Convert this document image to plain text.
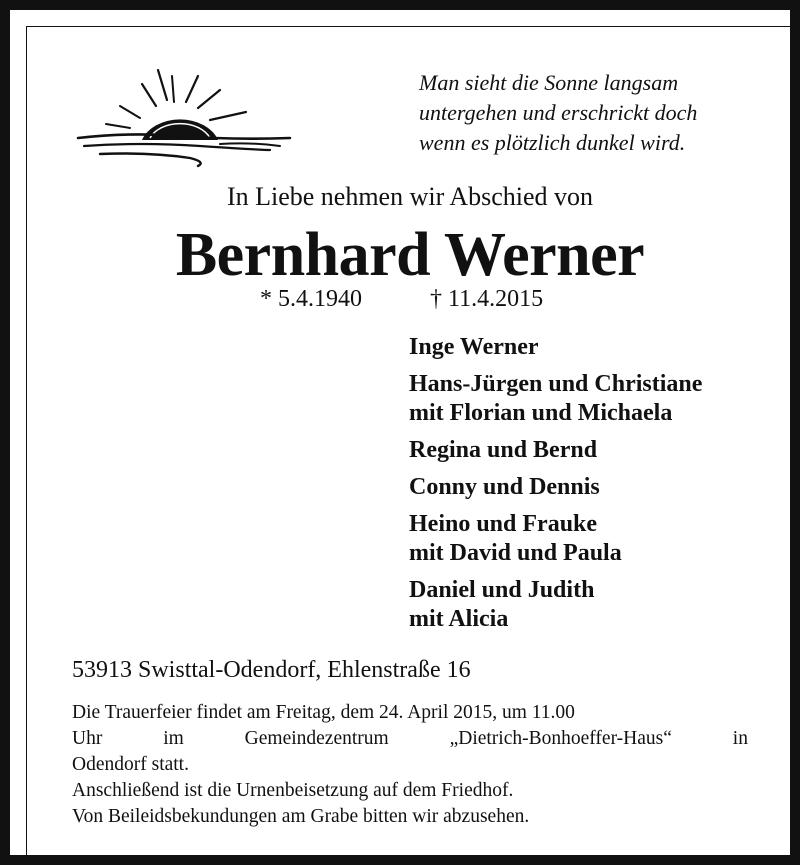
Man sieht die Sonne langsam
untergehen und erschrickt doch
wenn es plötzlich dunkel wird.
In Liebe nehmen wir Abschied von
Bernhard Werner
* 5.4.1940	† 11.4.2015
Inge Werner
Hans-Jürgen und Christiane
mit Florian und Michaela
Regina und Bernd
Conny und Dennis
Heino und Frauke
mit David und Paula
Daniel und Judith
mit Alicia
53913 Swisttal-Odendorf, Ehlenstraße 16
Die Trauerfeier findet am Freitag, dem 24. April 2015, um 11.00
Uhr	im	Gemeindezentrum	„Dietrich-Bonhoeffer-Haus“	in
Odendorf statt.
Anschließend ist die Urnenbeisetzung auf dem Friedhof.
Von Beileidsbekundungen am Grabe bitten wir abzusehen.
